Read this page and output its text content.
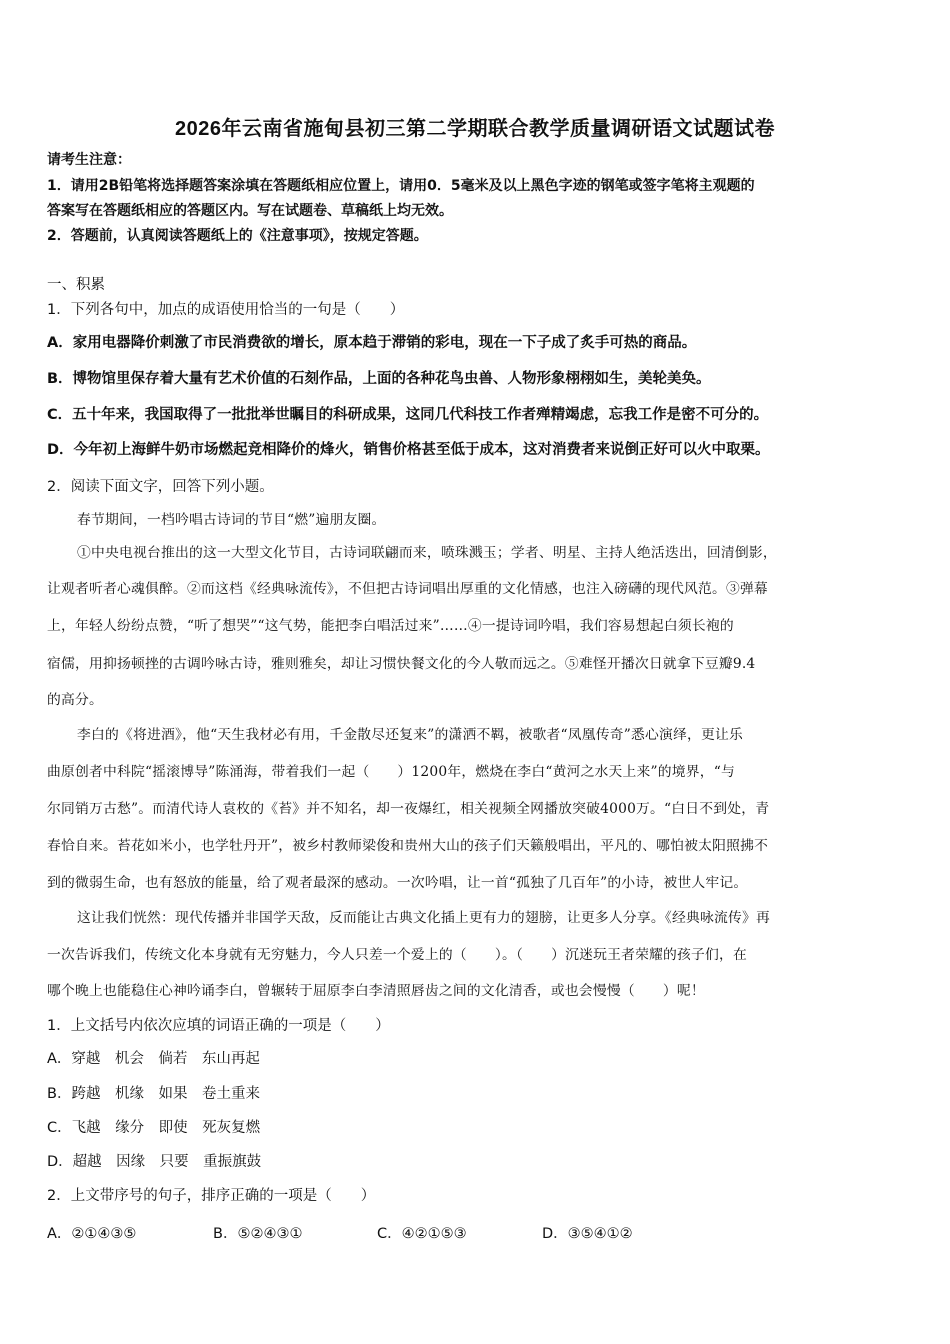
2026年云南省施甸县初三第二学期联合教学质量调研语文试题试卷
请考生注意：
1．请用2B铅笔将选择题答案涂填在答题纸相应位置上，请用0．5毫米及以上黑色字迹的钢笔或签字笔将主观题的
答案写在答题纸相应的答题区内。写在试题卷、草稿纸上均无效。
2．答题前，认真阅读答题纸上的《注意事项》，按规定答题。
一、积累
1．下列各句中，加点的成语使用恰当的一句是（　　）
A．家用电器降价刺激了市民消费欲的增长，原本趋于滞销的彩电，现在一下子成了炙手可热的商品。
B．博物馆里保存着大量有艺术价值的石刻作品，上面的各种花鸟虫兽、人物形象栩栩如生，美轮美奂。
C．五十年来，我国取得了一批批举世瞩目的科研成果，这同几代科技工作者殚精竭虑，忘我工作是密不可分的。
D．今年初上海鲜牛奶市场燃起竞相降价的烽火，销售价格甚至低于成本，这对消费者来说倒正好可以火中取栗。
2．阅读下面文字，回答下列小题。
春节期间，一档吟唱古诗词的节目“燃”遍朋友圈。
①中央电视台推出的这一大型文化节目，古诗词联翩而来，喷珠溅玉；学者、明星、主持人绝活迭出，回清倒影，
让观者听者心魂俱醉。②而这档《经典咏流传》，不但把古诗词唱出厚重的文化情感，也注入磅礴的现代风范。③弹幕
上，年轻人纷纷点赞，“听了想哭”“这气势，能把李白唱活过来”……④一提诗词吟唱，我们容易想起白须长袍的
宿儒，用抑扬顿挫的古调吟咏古诗，雅则雅矣，却让习惯快餐文化的今人敬而远之。⑤难怪开播次日就拿下豆瓣9.4
的高分。
李白的《将进酒》，他“天生我材必有用，千金散尽还复来”的潇洒不羁，被歌者“凤凰传奇”悉心演绎，更让乐
曲原创者中科院“摇滚博导”陈涌海，带着我们一起（　　）1200年，燃烧在李白“黄河之水天上来”的境界，“与
尔同销万古愁”。而清代诗人袁枚的《苔》并不知名，却一夜爆红，相关视频全网播放突破4000万。“白日不到处，青
春恰自来。苔花如米小，也学牡丹开”，被乡村教师梁俊和贵州大山的孩子们天籁般唱出，平凡的、哪怕被太阳照拂不
到的微弱生命，也有怒放的能量，给了观者最深的感动。一次吟唱，让一首“孤独了几百年”的小诗，被世人牢记。
这让我们恍然：现代传播并非国学天敌，反而能让古典文化插上更有力的翅膀，让更多人分享。《经典咏流传》再
一次告诉我们，传统文化本身就有无穷魅力，今人只差一个爱上的（　　）。（　　）沉迷玩王者荣耀的孩子们，在
哪个晚上也能稳住心神吟诵李白，曾辗转于屈原李白李清照唇齿之间的文化清香，或也会慢慢（　　）呢！
1．上文括号内依次应填的词语正确的一项是（　　）
A．穿越　机会　倘若　东山再起
B．跨越　机缘　如果　卷土重来
C．飞越　缘分　即使　死灰复燃
D．超越　因缘　只要　重振旗鼓
2．上文带序号的句子，排序正确的一项是（　　）
A．②①④③⑤	B．⑤②④③①	C．④②①⑤③	D．③⑤④①②
